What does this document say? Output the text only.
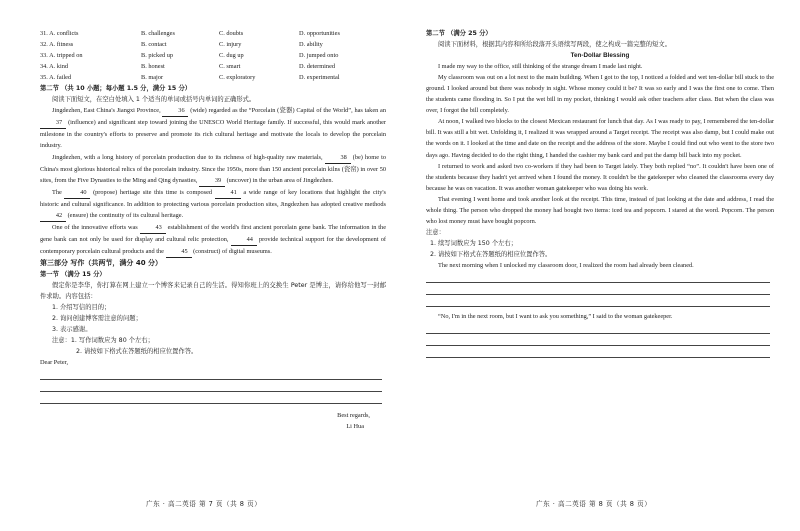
31. A. conflicts	B. challenges	C. doubts	D. opportunities
32. A. fitness	B. contact	C. injury	D. ability
33. A. tripped on	B. picked up	C. dug up	D. jumped onto
34. A. kind	B. honest	C. smart	D. determined
35. A. failed	B. major	C. exploratory	D. experimental
第二节 （共 10 小题；每小题 1.5 分，满分 15 分）

阅读下面短文，在空白处填入 1 个适当的单词或括号内单词的正确形式。

Jingdezhen, East China's Jiangxi Province,	36 (wide) regarded as the “Porcelain (瓷器) Capital of the World”, has taken an 37 (influence) and significant step toward joining the UNESCO World Heritage family. If successful, this would mark another milestone in the country's efforts to preserve and promote its rich cultural heritage and motivate the locals to develop the porcelain industry.

Jingdezhen, with a long history of porcelain production due to its richness of high-quality raw materials,	38 (be) home to China's most glorious historical relics of the porcelain industry. Since the 1950s, more than 150 ancient porcelain kilns (瓷窑) in over 50 sites, from the Five Dynasties to the Ming and Qing dynasties,	39 (uncover) in the urban area of Jingdezhen.

The	40 (propose) heritage site this time is composed	41 a wide range of key locations that highlight the city's historic and cultural significance. In addition to protecting various porcelain production sites, Jingdezhen has adopted creative methods 42 (ensure) the continuity of its cultural heritage.

One of the innovative efforts was	43 establishment of the world's first ancient porcelain gene bank. The information in the gene bank can not only be used for display and cultural relic protection,	44 provide technical support for the development of contemporary porcelain cultural products and the	45 (construct) of digital museums.

第三部分 写作（共两节，满分 40 分）
第一节 （满分 15 分）

假定你是李华，你打算在网上建立一个博客来记录自己的生活。得知你班上的交换生 Peter 是博主，请你给他写一封邮件求助。内容包括：

1. 介绍写信的目的；
2. 询问创建博客需注意的问题；
3. 表示感谢。
注意：1. 写作词数应为 80 个左右；
2. 请按如下格式在答题纸的相应位置作答。
Dear Peter,
Best regards,
Li Hua
第二节 （满分 25 分）

阅读下面材料，根据其内容和所给段落开头语续写两段，使之构成一篇完整的短文。

Ten-Dollar Blessing

I made my way to the office, still thinking of the strange dream I made last night.

My classroom was out on a lot next to the main building. When I got to the top, I noticed a folded and wet ten-dollar bill stuck to the ground. I looked around but there was nobody in sight. Whose money could it be? It was so early and I was the first one to come. Then the students came flooding in. So I put the wet bill in my pocket, thinking I would ask other teachers after class. But when the class was over, I forgot the bill completely.

At noon, I walked two blocks to the closest Mexican restaurant for lunch that day. As I was ready to pay, I remembered the ten-dollar bill. It was still a bit wet. Unfolding it, I realized it was wrapped around a Target receipt. The receipt was also damp, but I could make out the words on it. I looked at the time and date on the receipt and the address of the store. Maybe I could find out who went to the store two days ago. Having decided to do the right thing, I handed the cashier my bank card and put the damp bill back into my pocket.

I returned to work and asked two co-workers if they had been to Target lately. They both replied “no”. It couldn't have been one of the students because they hadn't yet arrived when I found the money. It couldn't be the gatekeeper who cleaned the classrooms every day because he was on vacation. It was another woman gatekeeper who was doing his work.

That evening I went home and took another look at the receipt. This time, instead of just looking at the date and address, I read the whole thing. The person who dropped the money had bought two items: iced tea and popcorn. I stared at the word. Popcorn. The person who lost money must have bought popcorn.

注意：
1. 续写词数应为 150 个左右；
2. 请按如下格式在答题纸的相应位置作答。

The next morning when I unlocked my classroom door, I realized the room had already been cleaned.

“No, I'm in the next room, but I want to ask you something,” I said to the woman gatekeeper.

广东 · 高二英语 第 7 页（共 8 页）	广东 · 高二英语 第 8 页（共 8 页）
